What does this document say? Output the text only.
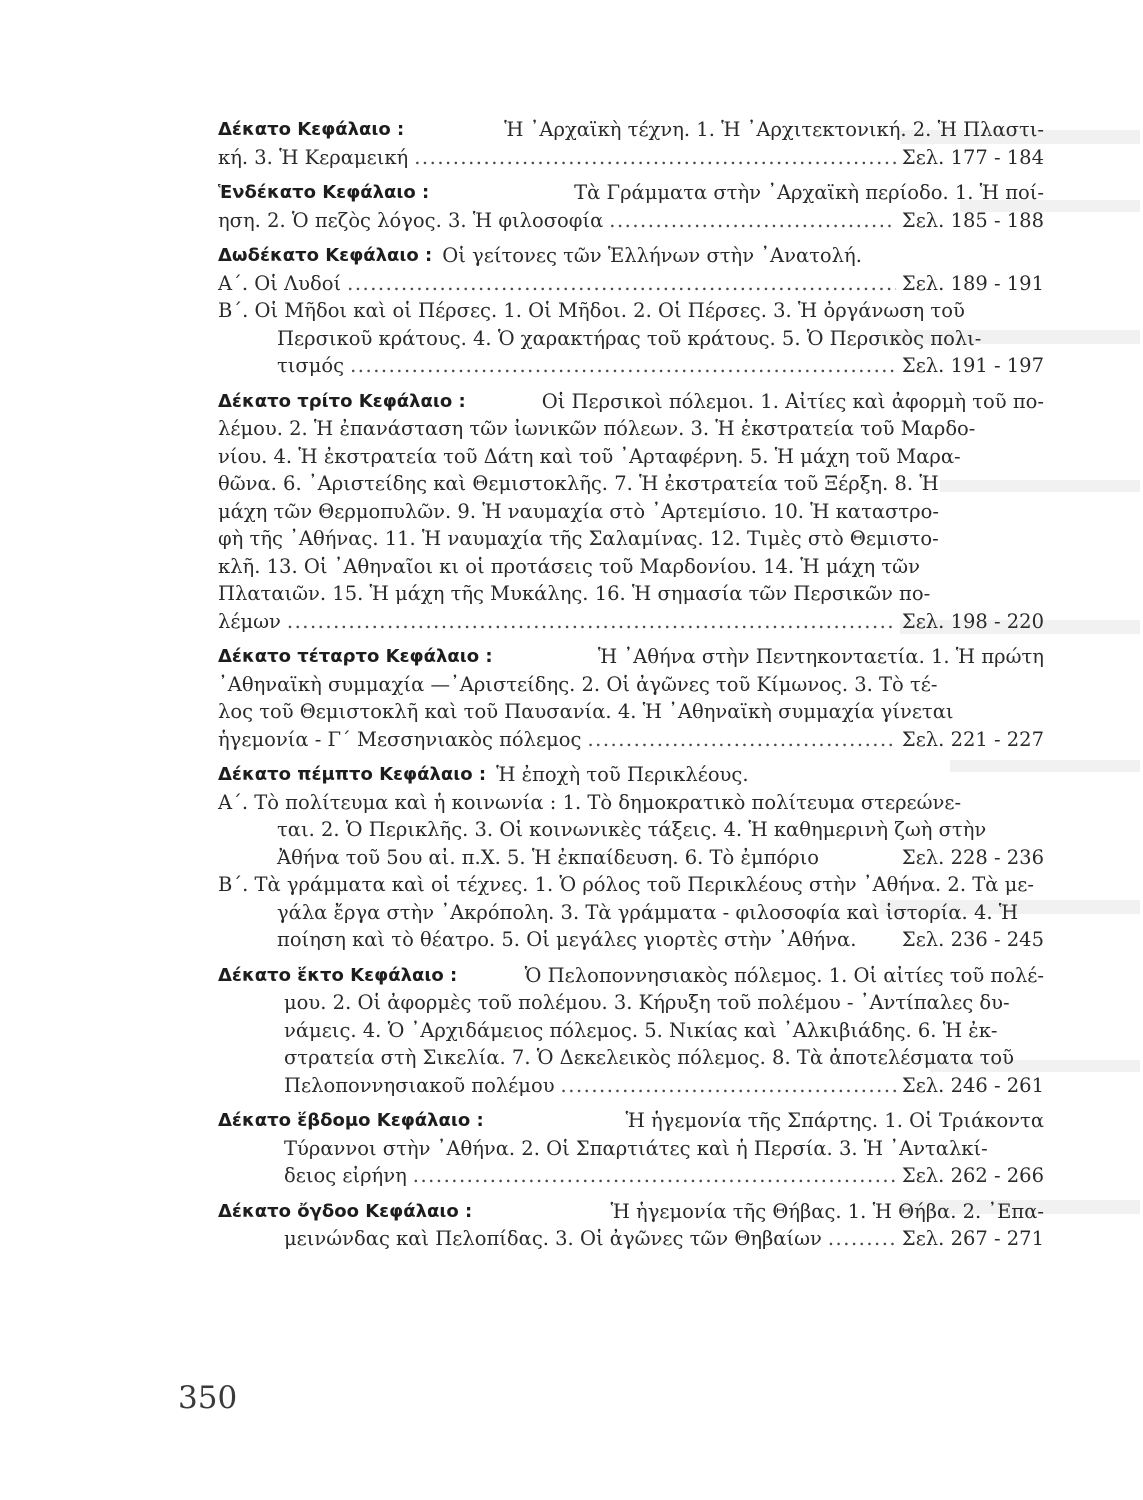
Δέκατο Κεφάλαιο :	Ἡ ᾿Αρχαϊκὴ τέχνη. 1. Ἡ ᾿Αρχιτεκτονική. 2. Ἡ Πλαστι-
κή. 3. Ἡ Κεραμεική .....	Σελ. 177 - 184
Ἑνδέκατο Κεφάλαιο :	Τὰ Γράμματα στὴν ᾿Αρχαϊκὴ περίοδο. 1. Ἡ ποί-
ηση. 2. Ὁ πεζὸς λόγος. 3. Ἡ φιλοσοφία .....	Σελ. 185 - 188
Δωδέκατο Κεφάλαιο : Οἱ γείτονες τῶν Ἑλλήνων στὴν ᾿Ανατολή.
Α΄. Οἱ Λυδοί .....	Σελ. 189 - 191
Β΄. Οἱ Μῆδοι καὶ οἱ Πέρσες. 1. Οἱ Μῆδοι. 2. Οἱ Πέρσες. 3. Ἡ ὀργάνωση τοῦ
Περσικοῦ κράτους. 4. Ὁ χαρακτήρας τοῦ κράτους. 5. Ὁ Περσικὸς πολι-
τισμός .....	Σελ. 191 - 197
Δέκατο τρίτο Κεφάλαιο :	Οἱ Περσικοὶ πόλεμοι. 1. Αἰτίες καὶ ἀφορμὴ τοῦ πο-
λέμου. 2. Ἡ ἐπανάσταση τῶν ἰωνικῶν πόλεων. 3. Ἡ ἐκστρατεία τοῦ Μαρδο-
νίου. 4. Ἡ ἐκστρατεία τοῦ Δάτη καὶ τοῦ ᾿Αρταφέρνη. 5. Ἡ μάχη τοῦ Μαρα-
θῶνα. 6. ᾿Αριστείδης καὶ Θεμιστοκλῆς. 7. Ἡ ἐκστρατεία τοῦ Ξέρξη. 8. Ἡ
μάχη τῶν Θερμοπυλῶν. 9. Ἡ ναυμαχία στὸ ᾿Αρτεμίσιο. 10. Ἡ καταστρο-
φὴ τῆς ᾿Αθήνας. 11. Ἡ ναυμαχία τῆς Σαλαμίνας. 12. Τιμὲς στὸ Θεμιστο-
κλῆ. 13. Οἱ ᾿Αθηναῖοι κι οἱ προτάσεις τοῦ Μαρδονίου. 14. Ἡ μάχη τῶν
Πλαταιῶν. 15. Ἡ μάχη τῆς Μυκάλης. 16. Ἡ σημασία τῶν Περσικῶν πο-
λέμων .....	Σελ. 198 - 220
Δέκατο τέταρτο Κεφάλαιο :	Ἡ ᾿Αθήνα στὴν Πεντηκονταετία. 1. Ἡ πρώτη
᾿Αθηναϊκὴ συμμαχία —᾿Αριστείδης. 2. Οἱ ἀγῶνες τοῦ Κίμωνος. 3. Τὸ τέ-
λος τοῦ Θεμιστοκλῆ καὶ τοῦ Παυσανία. 4. Ἡ ᾿Αθηναϊκὴ συμμαχία γίνεται
ἡγεμονία - Γ΄ Μεσσηνιακὸς πόλεμος .....	Σελ. 221 - 227
Δέκατο πέμπτο Κεφάλαιο : Ἡ ἐποχὴ τοῦ Περικλέους.
Α΄. Τὸ πολίτευμα καὶ ἡ κοινωνία : 1. Τὸ δημοκρατικὸ πολίτευμα στερεώνε-
ται. 2. Ὁ Περικλῆς. 3. Οἱ κοινωνικὲς τάξεις. 4. Ἡ καθημερινὴ ζωὴ στὴν
Ἀθήνα τοῦ 5ου αἰ. π.Χ. 5. Ἡ ἐκπαίδευση. 6. Τὸ ἐμπόριο	Σελ. 228 - 236
Β΄. Τὰ γράμματα καὶ οἱ τέχνες. 1. Ὁ ρόλος τοῦ Περικλέους στὴν ᾿Αθήνα. 2. Τὰ με-
γάλα ἔργα στὴν ᾿Ακρόπολη. 3. Τὰ γράμματα - φιλοσοφία καὶ ἱστορία. 4. Ἡ
ποίηση καὶ τὸ θέατρο. 5. Οἱ μεγάλες γιορτὲς στὴν ᾿Αθήνα. Σελ. 236 - 245
Δέκατο ἕκτο Κεφάλαιο :	Ὁ Πελοποννησιακὸς πόλεμος. 1. Οἱ αἰτίες τοῦ πολέ-
μου. 2. Οἱ ἀφορμὲς τοῦ πολέμου. 3. Κήρυξη τοῦ πολέμου - ᾿Αντίπαλες δυ-
νάμεις. 4. Ὁ ᾿Αρχιδάμειος πόλεμος. 5. Νικίας καὶ ᾿Αλκιβιάδης. 6. Ἡ ἐκ-
στρατεία στὴ Σικελία. 7. Ὁ Δεκελεικὸς πόλεμος. 8. Τὰ ἀποτελέσματα τοῦ
Πελοποννησιακοῦ πολέμου .....	Σελ. 246 - 261
Δέκατο ἕβδομο Κεφάλαιο :	Ἡ ἡγεμονία τῆς Σπάρτης. 1. Οἱ Τριάκοντα
Τύραννοι στὴν ᾿Αθήνα. 2. Οἱ Σπαρτιάτες καὶ ἡ Περσία. 3. Ἡ ᾿Ανταλκί-
δειος εἰρήνη .....	Σελ. 262 - 266
Δέκατο ὄγδοο Κεφάλαιο :	Ἡ ἡγεμονία τῆς Θήβας. 1. Ἡ Θήβα. 2. ᾿Επα-
μεινώνδας καὶ Πελοπίδας. 3. Οἱ ἀγῶνες τῶν Θηβαίων .....	Σελ. 267 - 271
350
